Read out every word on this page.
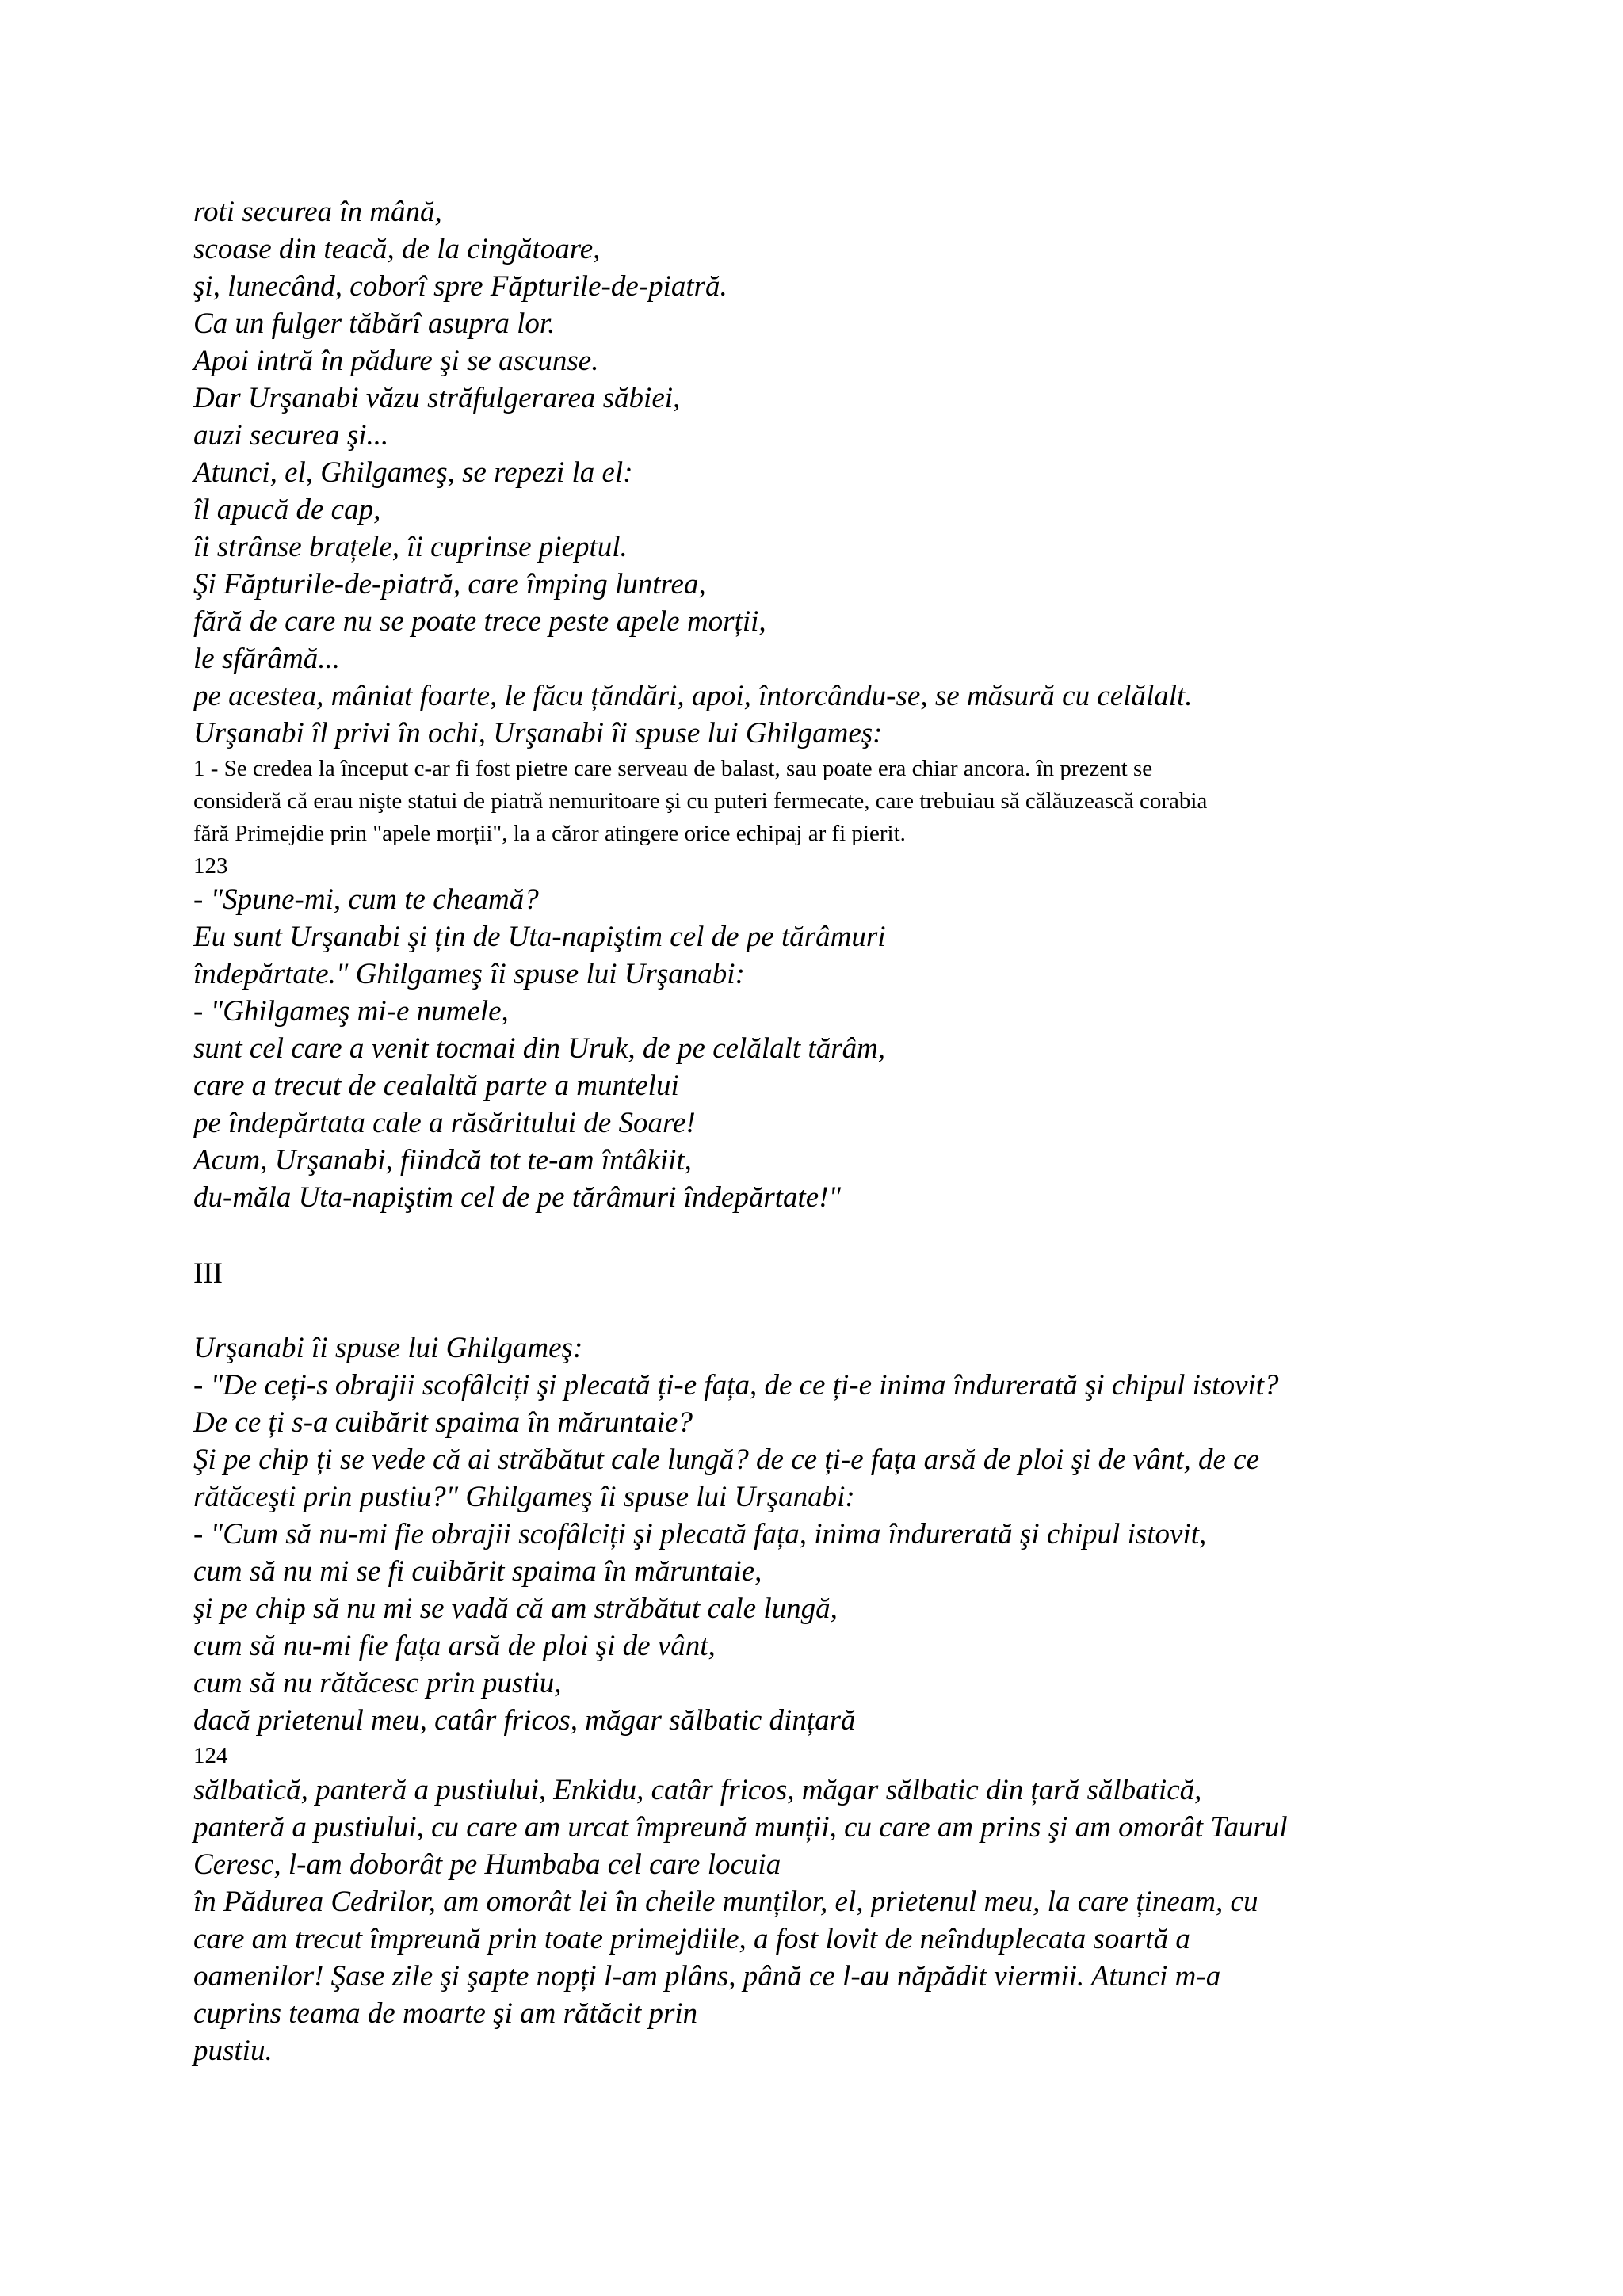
roti securea în mână,
scoase din teacă, de la cingătoare,
şi, lunecând, coborî spre Făpturile-de-piatră.
Ca un fulger tăbărî asupra lor.
Apoi intră în pădure şi se ascunse.
Dar Urşanabi văzu străfulgerarea săbiei,
auzi securea şi...
Atunci, el, Ghilgameş, se repezi la el:
îl apucă de cap,
îi strânse brațele, îi cuprinse pieptul.
Şi Făpturile-de-piatră, care împing luntrea,
fără de care nu se poate trece peste apele morții,
le sfărâmă...
pe acestea, mâniat foarte, le făcu țăndări, apoi, întorcându-se, se măsură cu celălalt.
Urşanabi îl privi în ochi, Urşanabi îi spuse lui Ghilgameş:
1 - Se credea la început c-ar fi fost pietre care serveau de balast, sau poate era chiar ancora. în prezent se
consideră că erau nişte statui de piatră nemuritoare şi cu puteri fermecate, care trebuiau să călăuzească corabia
fără Primejdie prin "apele morții", la a căror atingere orice echipaj ar fi pierit.
123
- "Spune-mi, cum te cheamă?
Eu sunt Urşanabi şi țin de Uta-napiştim cel de pe tărâmuri
îndepărtate." Ghilgameş îi spuse lui Urşanabi:
- "Ghilgameş mi-e numele,
sunt cel care a venit tocmai din Uruk, de pe celălalt tărâm,
care a trecut de cealaltă parte a muntelui
pe îndepărtata cale a răsăritului de Soare!
Acum, Urşanabi, fiindcă tot te-am întâkiit,
du-măla Uta-napiştim cel de pe tărâmuri îndepărtate!"
III
Urşanabi îi spuse lui Ghilgameş:
- "De ceți-s obrajii scofâlciți şi plecată ți-e fața, de ce ți-e inima îndurerată şi chipul istovit?
De ce ți s-a cuibărit spaima în măruntaie?
Şi pe chip ți se vede că ai străbătut cale lungă? de ce ți-e fața arsă de ploi şi de vânt, de ce
rătăceşti prin pustiu?" Ghilgameş îi spuse lui Urşanabi:
- "Cum să nu-mi fie obrajii scofâlciți şi plecată fața, inima îndurerată şi chipul istovit,
cum să nu mi se fi cuibărit spaima în măruntaie,
şi pe chip să nu mi se vadă că am străbătut cale lungă,
cum să nu-mi fie fața arsă de ploi şi de vânt,
cum să nu rătăcesc prin pustiu,
dacă prietenul meu, catâr fricos, măgar sălbatic dințară
124
sălbatică, panteră a pustiului, Enkidu, catâr fricos, măgar sălbatic din țară sălbatică,
panteră a pustiului, cu care am urcat împreună munții, cu care am prins şi am omorât Taurul
Ceresc, l-am doborât pe Humbaba cel care locuia
în Pădurea Cedrilor, am omorât lei în cheile munților, el, prietenul meu, la care țineam, cu
care am trecut împreună prin toate primejdiile, a fost lovit de neînduplecata soartă a
oamenilor! Şase zile şi şapte nopți l-am plâns, până ce l-au năpădit viermii. Atunci m-a
cuprins teama de moarte şi am rătăcit prin
pustiu.
